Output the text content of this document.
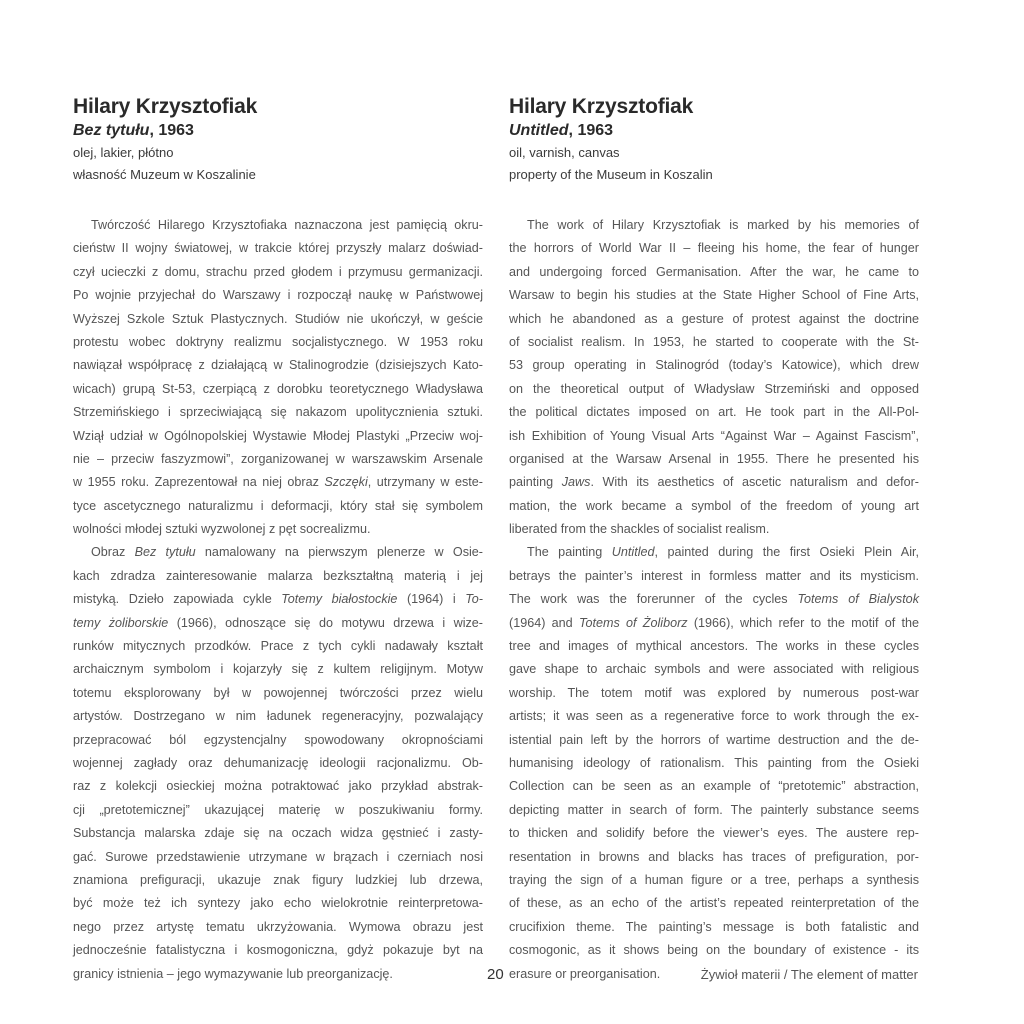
Hilary Krzysztofiak
Bez tytułu, 1963
olej, lakier, płótno
własność Muzeum w Koszalinie
Twórczość Hilarego Krzysztofiaka naznaczona jest pamięcią okru-
cieństw II wojny światowej, w trakcie której przyszły malarz doświad-
czył ucieczki z domu, strachu przed głodem i przymusu germanizacji.
Po wojnie przyjechał do Warszawy i rozpoczął naukę w Państwowej
Wyższej Szkole Sztuk Plastycznych. Studiów nie ukończył, w geście
protestu wobec doktryny realizmu socjalistycznego. W 1953 roku
nawiązał współpracę z działającą w Stalinogrodzie (dzisiejszych Kato-
wicach) grupą St-53, czerpiącą z dorobku teoretycznego Władysława
Strzemińskiego i sprzeciwiającą się nakazom upolitycznienia sztuki.
Wziął udział w Ogólnopolskiej Wystawie Młodej Plastyki „Przeciw woj-
nie – przeciw faszyzmowi”, zorganizowanej w warszawskim Arsenale
w 1955 roku. Zaprezentował na niej obraz Szczęki, utrzymany w este-
tyce ascetycznego naturalizmu i deformacji, który stał się symbolem
wolności młodej sztuki wyzwolonej z pęt socrealizmu.
Obraz Bez tytułu namalowany na pierwszym plenerze w Osie-
kach zdradza zainteresowanie malarza bezkształtną materią i jej
mistyką. Dzieło zapowiada cykle Totemy białostockie (1964) i To-
temy żoliborskie (1966), odnoszące się do motywu drzewa i wize-
runków mitycznych przodków. Prace z tych cykli nadawały kształt
archaicznym symbolom i kojarzyły się z kultem religijnym. Motyw
totemu eksplorowany był w powojennej twórczości przez wielu
artystów. Dostrzegano w nim ładunek regeneracyjny, pozwalający
przepracować ból egzystencjalny spowodowany okropnościami
wojennej zagłady oraz dehumanizację ideologii racjonalizmu. Ob-
raz z kolekcji osieckiej można potraktować jako przykład abstrak-
cji „pretotemicznej” ukazującej materię w poszukiwaniu formy.
Substancja malarska zdaje się na oczach widza gęstnieć i zasty-
gać. Surowe przedstawienie utrzymane w brązach i czerniach nosi
znamiona prefiguracji, ukazuje znak figury ludzkiej lub drzewa,
być może też ich syntezy jako echo wielokrotnie reinterpretowa-
nego przez artystę tematu ukrzyżowania. Wymowa obrazu jest
jednocześnie fatalistyczna i kosmogoniczna, gdyż pokazuje byt na
granicy istnienia – jego wymazywanie lub preorganizację.
Hilary Krzysztofiak
Untitled, 1963
oil, varnish, canvas
property of the Museum in Koszalin
The work of Hilary Krzysztofiak is marked by his memories of
the horrors of World War II – fleeing his home, the fear of hunger
and undergoing forced Germanisation. After the war, he came to
Warsaw to begin his studies at the State Higher School of Fine Arts,
which he abandoned as a gesture of protest against the doctrine
of socialist realism. In 1953, he started to cooperate with the St-
53 group operating in Stalinogród (today’s Katowice), which drew
on the theoretical output of Władysław Strzemiński and opposed
the political dictates imposed on art. He took part in the All-Pol-
ish Exhibition of Young Visual Arts “Against War – Against Fascism”,
organised at the Warsaw Arsenal in 1955. There he presented his
painting Jaws. With its aesthetics of ascetic naturalism and defor-
mation, the work became a symbol of the freedom of young art
liberated from the shackles of socialist realism.
The painting Untitled, painted during the first Osieki Plein Air,
betrays the painter’s interest in formless matter and its mysticism.
The work was the forerunner of the cycles Totems of Bialystok
(1964) and Totems of Żoliborz (1966), which refer to the motif of the
tree and images of mythical ancestors. The works in these cycles
gave shape to archaic symbols and were associated with religious
worship. The totem motif was explored by numerous post-war
artists; it was seen as a regenerative force to work through the ex-
istential pain left by the horrors of wartime destruction and the de-
humanising ideology of rationalism. This painting from the Osieki
Collection can be seen as an example of “pretotemic” abstraction,
depicting matter in search of form. The painterly substance seems
to thicken and solidify before the viewer’s eyes. The austere rep-
resentation in browns and blacks has traces of prefiguration, por-
traying the sign of a human figure or a tree, perhaps a synthesis
of these, as an echo of the artist’s repeated reinterpretation of the
crucifixion theme. The painting’s message is both fatalistic and
cosmogonic, as it shows being on the boundary of existence - its
erasure or preorganisation.
20	Żywioł materii / The element of matter
